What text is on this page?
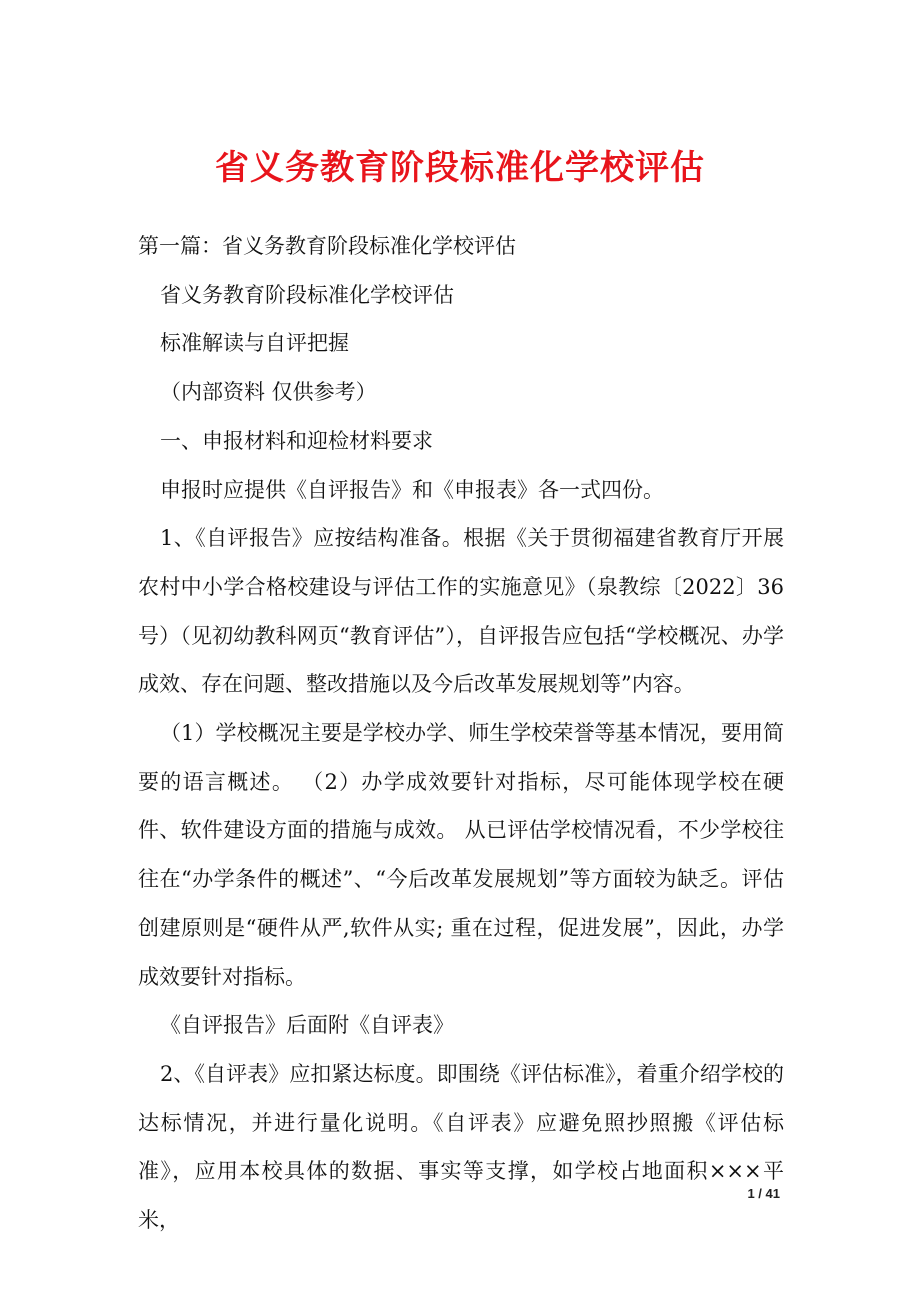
省义务教育阶段标准化学校评估

第一篇：省义务教育阶段标准化学校评估

省义务教育阶段标准化学校评估

标准解读与自评把握

（内部资料 仅供参考）

一、申报材料和迎检材料要求

申报时应提供《自评报告》和《申报表》各一式四份。

1、《自评报告》应按结构准备。根据《关于贯彻福建省教育厅开展农村中小学合格校建设与评估工作的实施意见》（泉教综〔2022〕36号）（见初幼教科网页“教育评估”），自评报告应包括“学校概况、办学成效、存在问题、整改措施以及今后改革发展规划等”内容。

（1）学校概况主要是学校办学、师生学校荣誉等基本情况，要用简要的语言概述。 （2）办学成效要针对指标，尽可能体现学校在硬件、软件建设方面的措施与成效。 从已评估学校情况看，不少学校往往在“办学条件的概述”、“今后改革发展规划”等方面较为缺乏。评估创建原则是“硬件从严,软件从实; 重在过程，促进发展”，因此，办学成效要针对指标。

《自评报告》后面附《自评表》

2、《自评表》应扣紧达标度。即围绕《评估标准》，着重介绍学校的达标情况，并进行量化说明。《自评表》应避免照抄照搬《评估标准》，应用本校具体的数据、事实等支撑，如学校占地面积×××平米，

1 / 41
